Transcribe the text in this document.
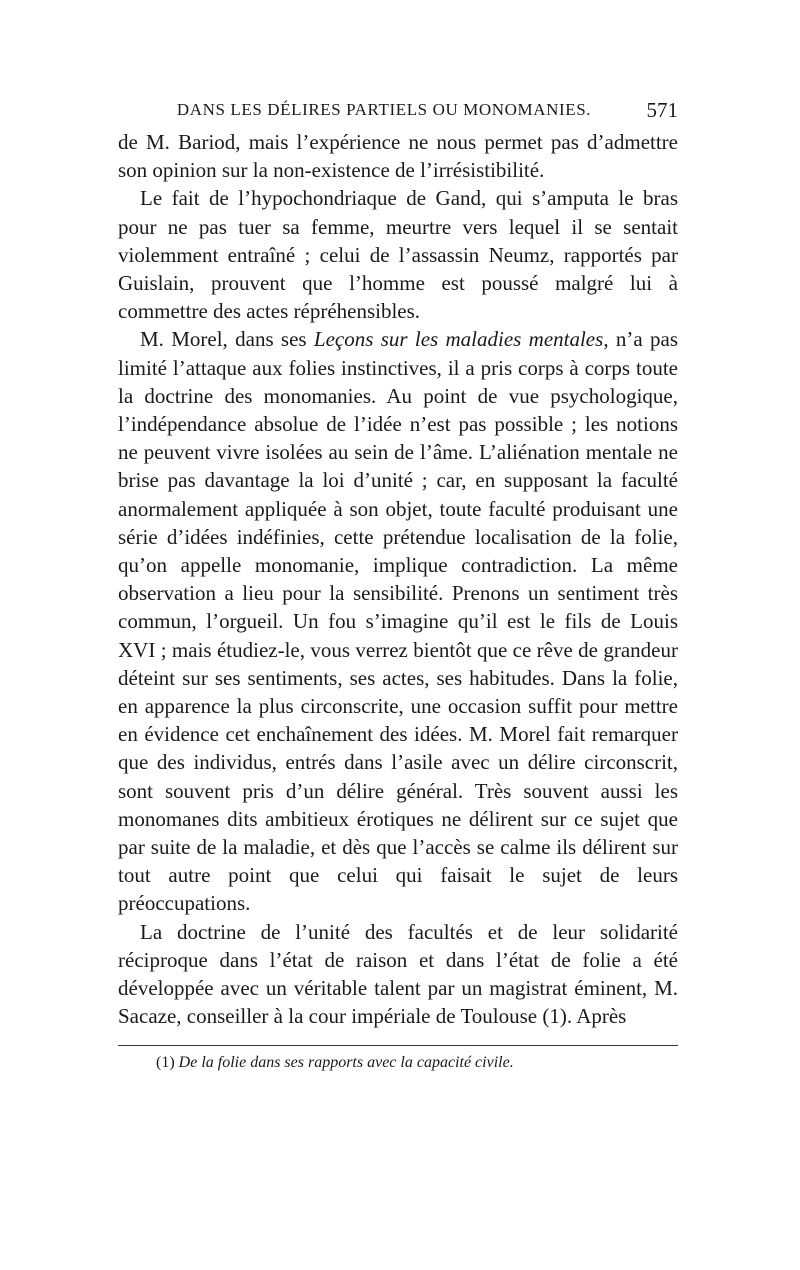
DANS LES DÉLIRES PARTIELS OU MONOMANIES.	571

de M. Bariod, mais l’expérience ne nous permet pas d’admettre son opinion sur la non-existence de l’irrésistibilité.

Le fait de l’hypochondriaque de Gand, qui s’amputa le bras pour ne pas tuer sa femme, meurtre vers lequel il se sentait violemment entraîné ; celui de l’assassin Neumz, rapportés par Guislain, prouvent que l’homme est poussé malgré lui à commettre des actes répréhensibles.

M. Morel, dans ses Leçons sur les maladies mentales, n’a pas limité l’attaque aux folies instinctives, il a pris corps à corps toute la doctrine des monomanies. Au point de vue psychologique, l’indépendance absolue de l’idée n’est pas possible ; les notions ne peuvent vivre isolées au sein de l’âme. L’aliénation mentale ne brise pas davantage la loi d’unité ; car, en supposant la faculté anormalement appliquée à son objet, toute faculté produisant une série d’idées indéfinies, cette prétendue localisation de la folie, qu’on appelle monomanie, implique contradiction. La même observation a lieu pour la sensibilité. Prenons un sentiment très commun, l’orgueil. Un fou s’imagine qu’il est le fils de Louis XVI ; mais étudiez-le, vous verrez bientôt que ce rêve de grandeur déteint sur ses sentiments, ses actes, ses habitudes. Dans la folie, en apparence la plus circonscrite, une occasion suffit pour mettre en évidence cet enchaînement des idées. M. Morel fait remarquer que des individus, entrés dans l’asile avec un délire circonscrit, sont souvent pris d’un délire général. Très souvent aussi les monomanes dits ambitieux érotiques ne délirent sur ce sujet que par suite de la maladie, et dès que l’accès se calme ils délirent sur tout autre point que celui qui faisait le sujet de leurs préoccupations.

La doctrine de l’unité des facultés et de leur solidarité réciproque dans l’état de raison et dans l’état de folie a été développée avec un véritable talent par un magistrat éminent, M. Sacaze, conseiller à la cour impériale de Toulouse (1). Après

(1) De la folie dans ses rapports avec la capacité civile.
